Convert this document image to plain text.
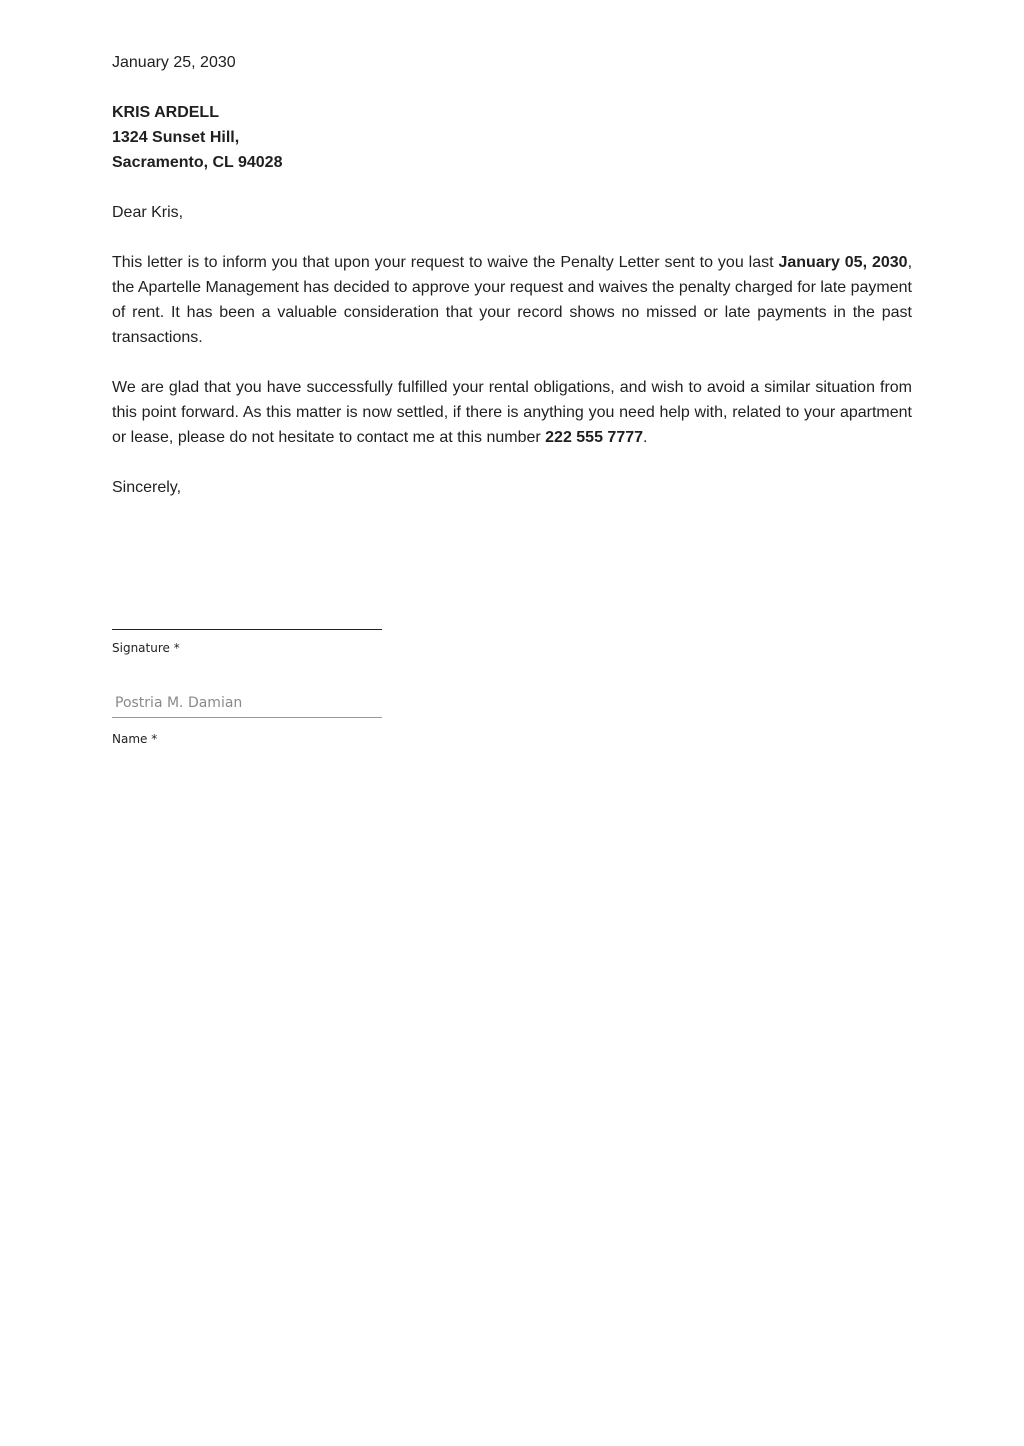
January 25, 2030

KRIS ARDELL

1324 Sunset Hill,

Sacramento, CL 94028

Dear Kris,

This letter is to inform you that upon your request to waive the Penalty Letter sent to you last January 05, 2030, the Apartelle Management has decided to approve your request and waives the penalty charged for late payment of rent. It has been a valuable consideration that your record shows no missed or late payments in the past transactions.

We are glad that you have successfully fulfilled your rental obligations, and wish to avoid a similar situation from this point forward. As this matter is now settled, if there is anything you need help with, related to your apartment or lease, please do not hesitate to contact me at this number 222 555 7777.

Sincerely,

Signature *
Postria M. Damian
Name *
